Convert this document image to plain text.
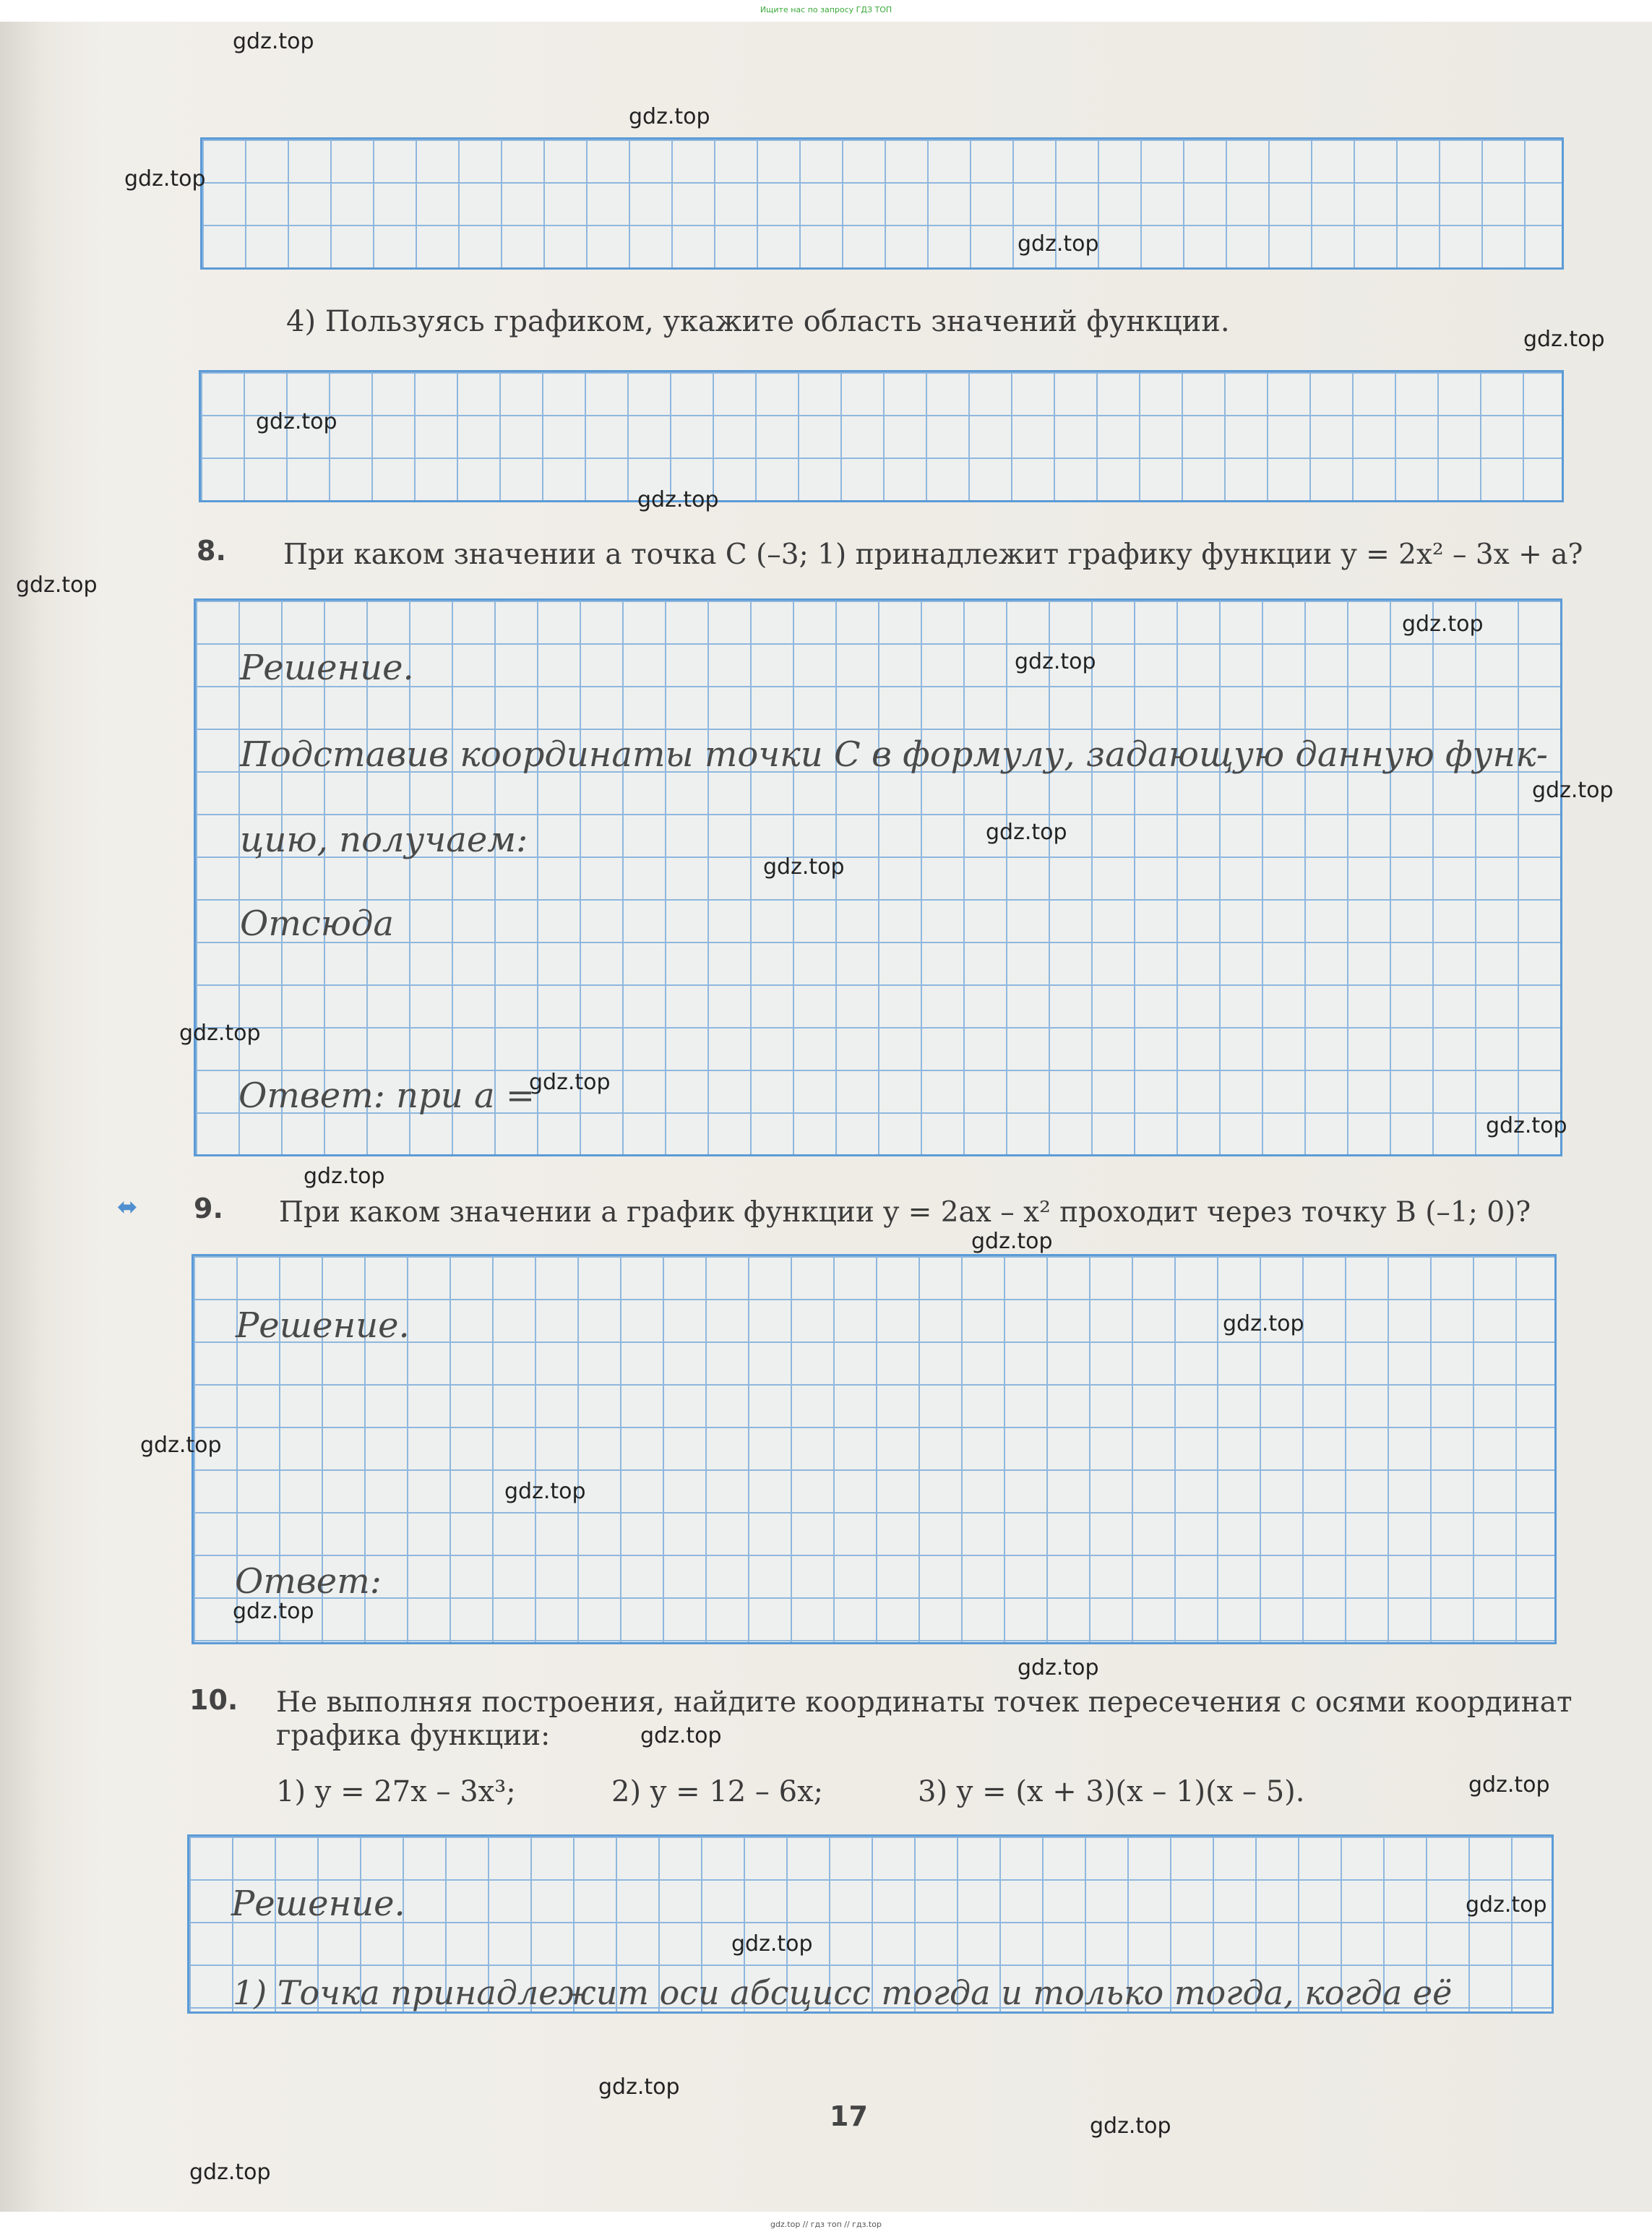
Ищите нас по запросу ГДЗ ТОП
4) Пользуясь графиком, укажите область значений функции.
8. При каком значении a точка C (–3; 1) принадлежит графику функции y = 2x² – 3x + a?
Решение.
Подставив координаты точки C в формулу, задающую данную функ-
цию, получаем:
Отсюда
Ответ: при a =
⬌ 9. При каком значении a график функции y = 2ax – x² проходит через точку B (–1; 0)?
Решение.
Ответ:
10. Не выполняя построения, найдите координаты точек пересечения с осями координат
графика функции:
1) y = 27x – 3x³;	2) y = 12 – 6x;	3) y = (x + 3)(x – 1)(x – 5).
Решение.
1) Точка принадлежит оси абсцисс тогда и только тогда, когда её
17
gdz.top
gdz.top
gdz.top
gdz.top
gdz.top
gdz.top
gdz.top
gdz.top
gdz.top
gdz.top
gdz.top
gdz.top
gdz.top
gdz.top
gdz.top
gdz.top
gdz.top
gdz.top
gdz.top
gdz.top
gdz.top
gdz.top
gdz.top
gdz.top
gdz.top
gdz.top
gdz.top
gdz.top
gdz.top
gdz.top
gdz.top // гдз топ // гдз.top
